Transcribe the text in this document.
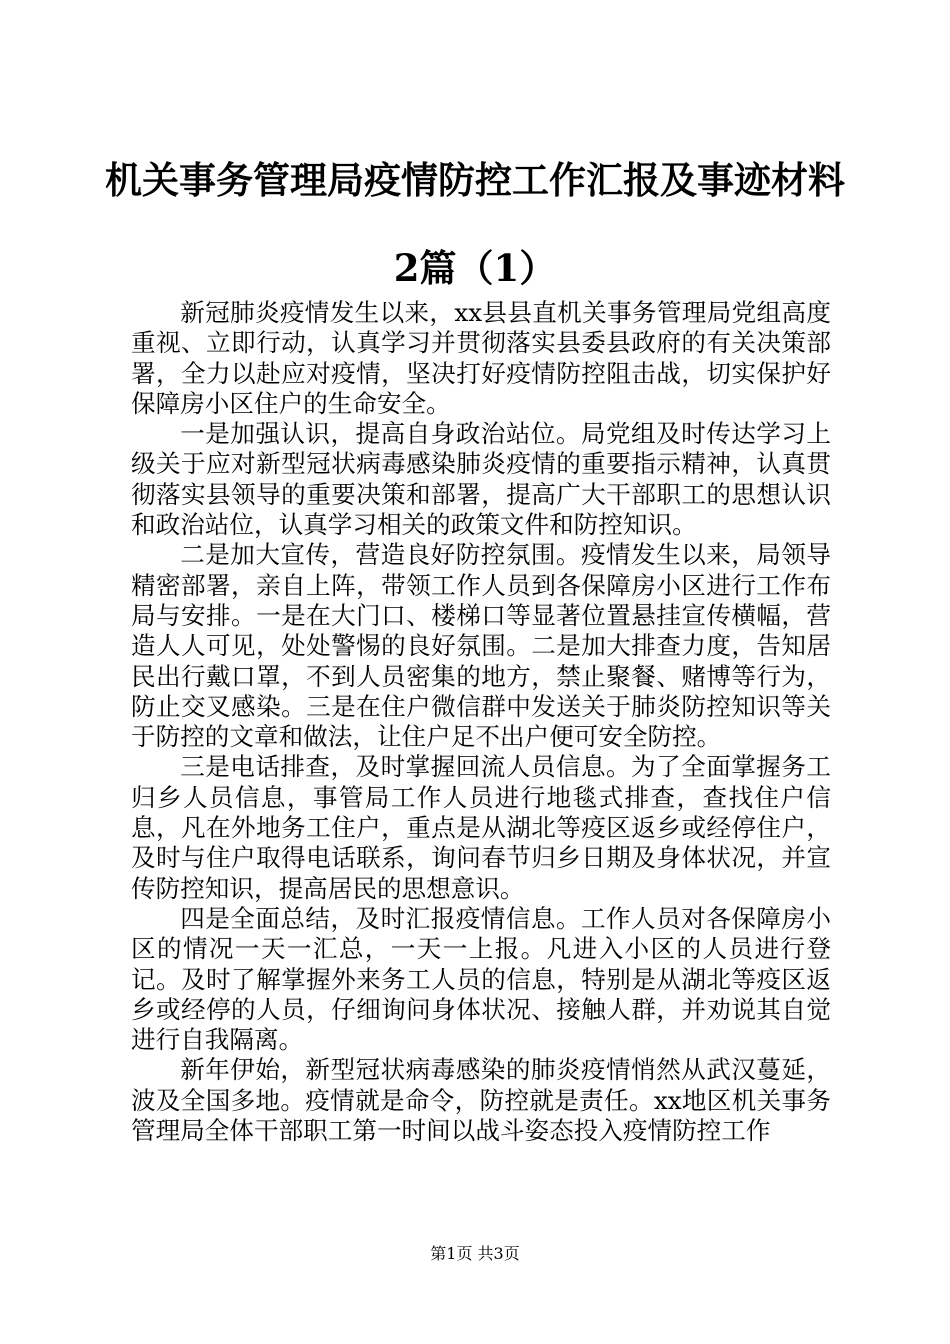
机关事务管理局疫情防控工作汇报及事迹材料
2篇（1）

新冠肺炎疫情发生以来，xx县县直机关事务管理局党组高度重视、立即行动，认真学习并贯彻落实县委县政府的有关决策部署，全力以赴应对疫情，坚决打好疫情防控阻击战，切实保护好保障房小区住户的生命安全。

一是加强认识，提高自身政治站位。局党组及时传达学习上级关于应对新型冠状病毒感染肺炎疫情的重要指示精神，认真贯彻落实县领导的重要决策和部署，提高广大干部职工的思想认识和政治站位，认真学习相关的政策文件和防控知识。

二是加大宣传，营造良好防控氛围。疫情发生以来，局领导精密部署，亲自上阵，带领工作人员到各保障房小区进行工作布局与安排。一是在大门口、楼梯口等显著位置悬挂宣传横幅，营造人人可见，处处警惕的良好氛围。二是加大排查力度，告知居民出行戴口罩，不到人员密集的地方，禁止聚餐、赌博等行为，防止交叉感染。三是在住户微信群中发送关于肺炎防控知识等关于防控的文章和做法，让住户足不出户便可安全防控。

三是电话排查，及时掌握回流人员信息。为了全面掌握务工归乡人员信息，事管局工作人员进行地毯式排查，查找住户信息，凡在外地务工住户，重点是从湖北等疫区返乡或经停住户，及时与住户取得电话联系，询问春节归乡日期及身体状况，并宣传防控知识，提高居民的思想意识。

四是全面总结，及时汇报疫情信息。工作人员对各保障房小区的情况一天一汇总，一天一上报。凡进入小区的人员进行登记。及时了解掌握外来务工人员的信息，特别是从湖北等疫区返乡或经停的人员，仔细询问身体状况、接触人群，并劝说其自觉进行自我隔离。

新年伊始，新型冠状病毒感染的肺炎疫情悄然从武汉蔓延，波及全国多地。疫情就是命令，防控就是责任。xx地区机关事务管理局全体干部职工第一时间以战斗姿态投入疫情防控工作

第1页 共3页
